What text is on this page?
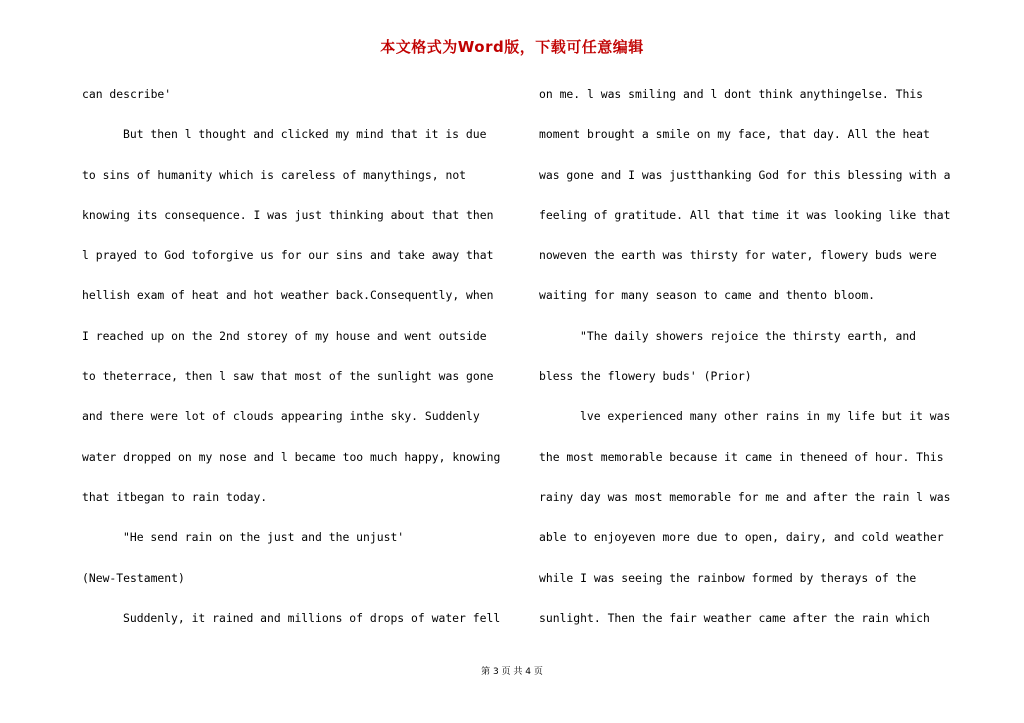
本文格式为Word版，下载可任意编辑
can describe'
But then l thought and clicked my mind that it is due
to sins of humanity which is careless of manythings, not
knowing its consequence. I was just thinking about that then
l prayed to God toforgive us for our sins and take away that
hellish exam of heat and hot weather back.Consequently, when
I reached up on the 2nd storey of my house and went outside
to theterrace, then l saw that most of the sunlight was gone
and there were lot of clouds appearing inthe sky. Suddenly
water dropped on my nose and l became too much happy, knowing
that itbegan to rain today.
"He send rain on the just and the unjust'
(New-Testament)
Suddenly, it rained and millions of drops of water fell
on me. l was smiling and l dont think anythingelse. This
moment brought a smile on my face, that day. All the heat
was gone and I was justthanking God for this blessing with a
feeling of gratitude. All that time it was looking like that
noweven the earth was thirsty for water, flowery buds were
waiting for many season to came and thento bloom.
"The daily showers rejoice the thirsty earth, and
bless the flowery buds' (Prior)
lve experienced many other rains in my life but it was
the most memorable because it came in theneed of hour. This
rainy day was most memorable for me and after the rain l was
able to enjoyeven more due to open, dairy, and cold weather
while I was seeing the rainbow formed by therays of the
sunlight. Then the fair weather came after the rain which
第 3 页 共 4 页
